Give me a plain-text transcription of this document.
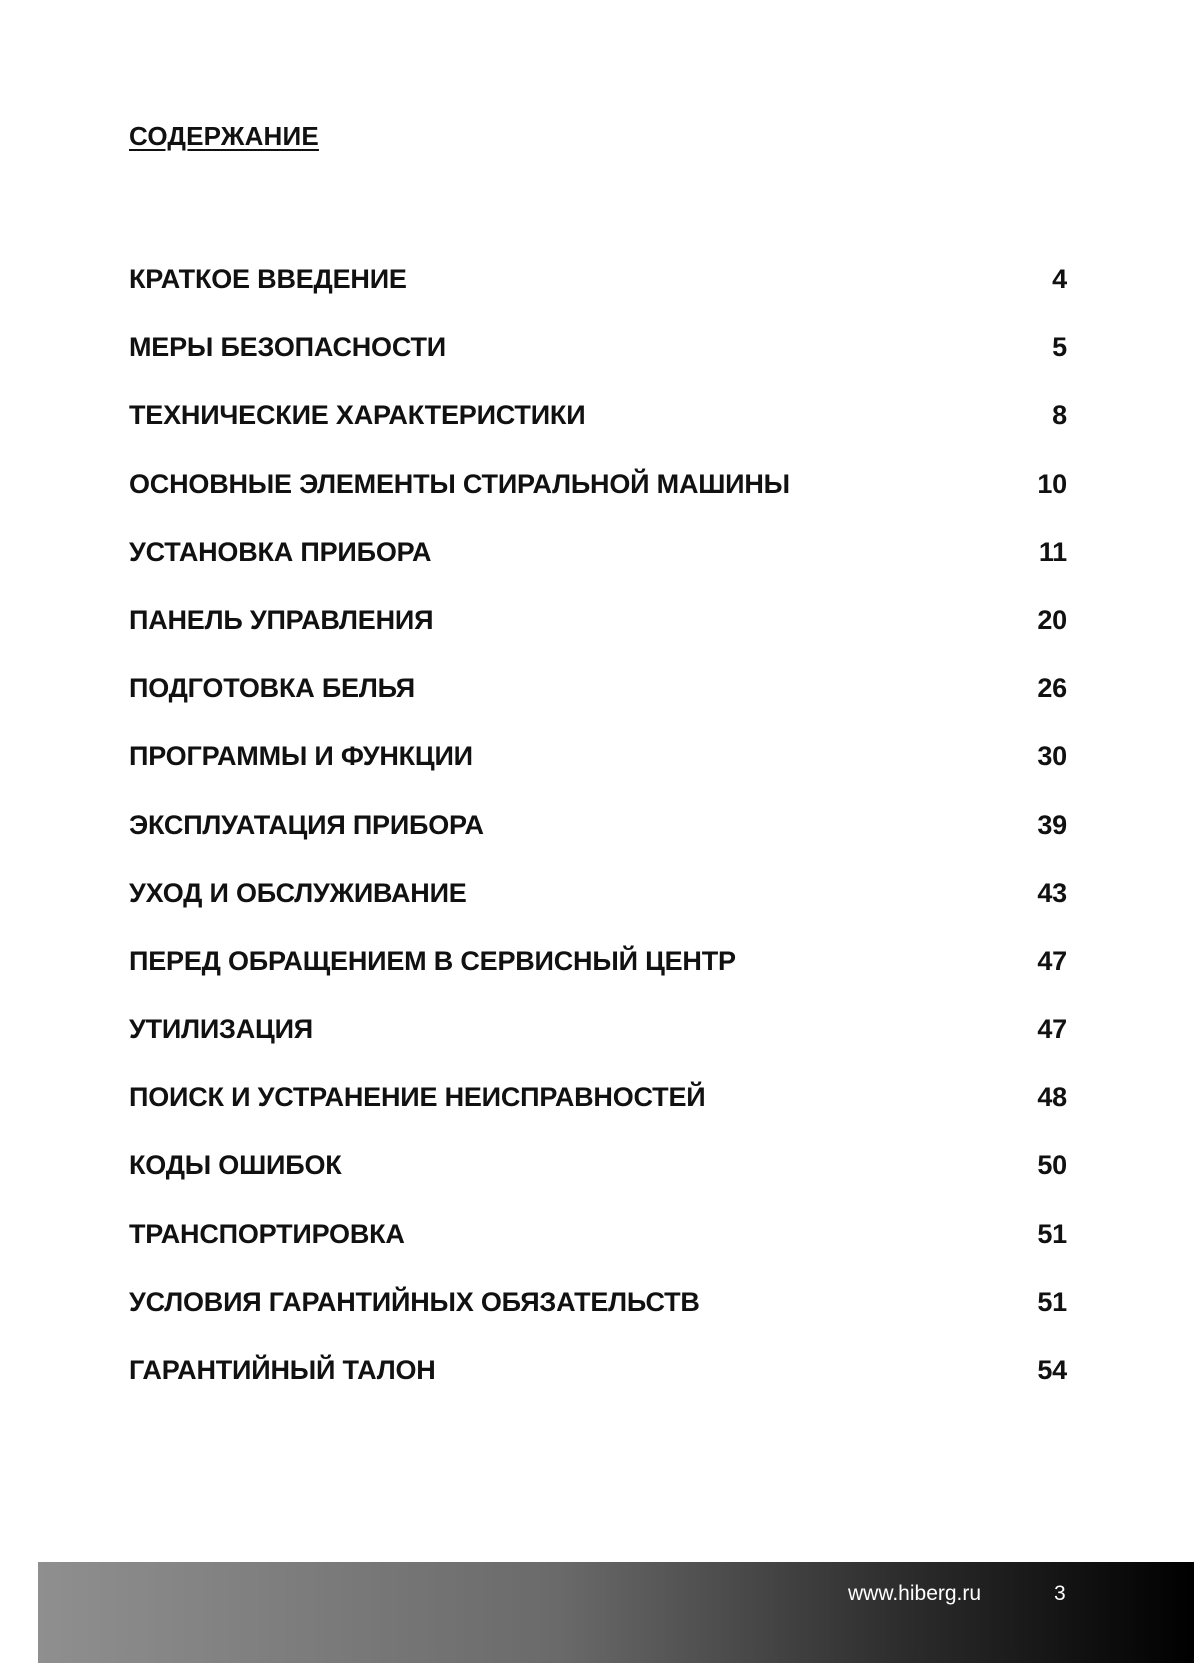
СОДЕРЖАНИЕ
КРАТКОЕ ВВЕДЕНИЕ	4
МЕРЫ БЕЗОПАСНОСТИ	5
ТЕХНИЧЕСКИЕ ХАРАКТЕРИСТИКИ	8
ОСНОВНЫЕ ЭЛЕМЕНТЫ СТИРАЛЬНОЙ МАШИНЫ	10
УСТАНОВКА ПРИБОРА	11
ПАНЕЛЬ УПРАВЛЕНИЯ	20
ПОДГОТОВКА БЕЛЬЯ	26
ПРОГРАММЫ И ФУНКЦИИ	30
ЭКСПЛУАТАЦИЯ ПРИБОРА	39
УХОД И ОБСЛУЖИВАНИЕ	43
ПЕРЕД ОБРАЩЕНИЕМ В СЕРВИСНЫЙ ЦЕНТР	47
УТИЛИЗАЦИЯ	47
ПОИСК И УСТРАНЕНИЕ НЕИСПРАВНОСТЕЙ	48
КОДЫ ОШИБОК	50
ТРАНСПОРТИРОВКА	51
УСЛОВИЯ ГАРАНТИЙНЫХ ОБЯЗАТЕЛЬСТВ	51
ГАРАНТИЙНЫЙ ТАЛОН	54
www.hiberg.ru	3
